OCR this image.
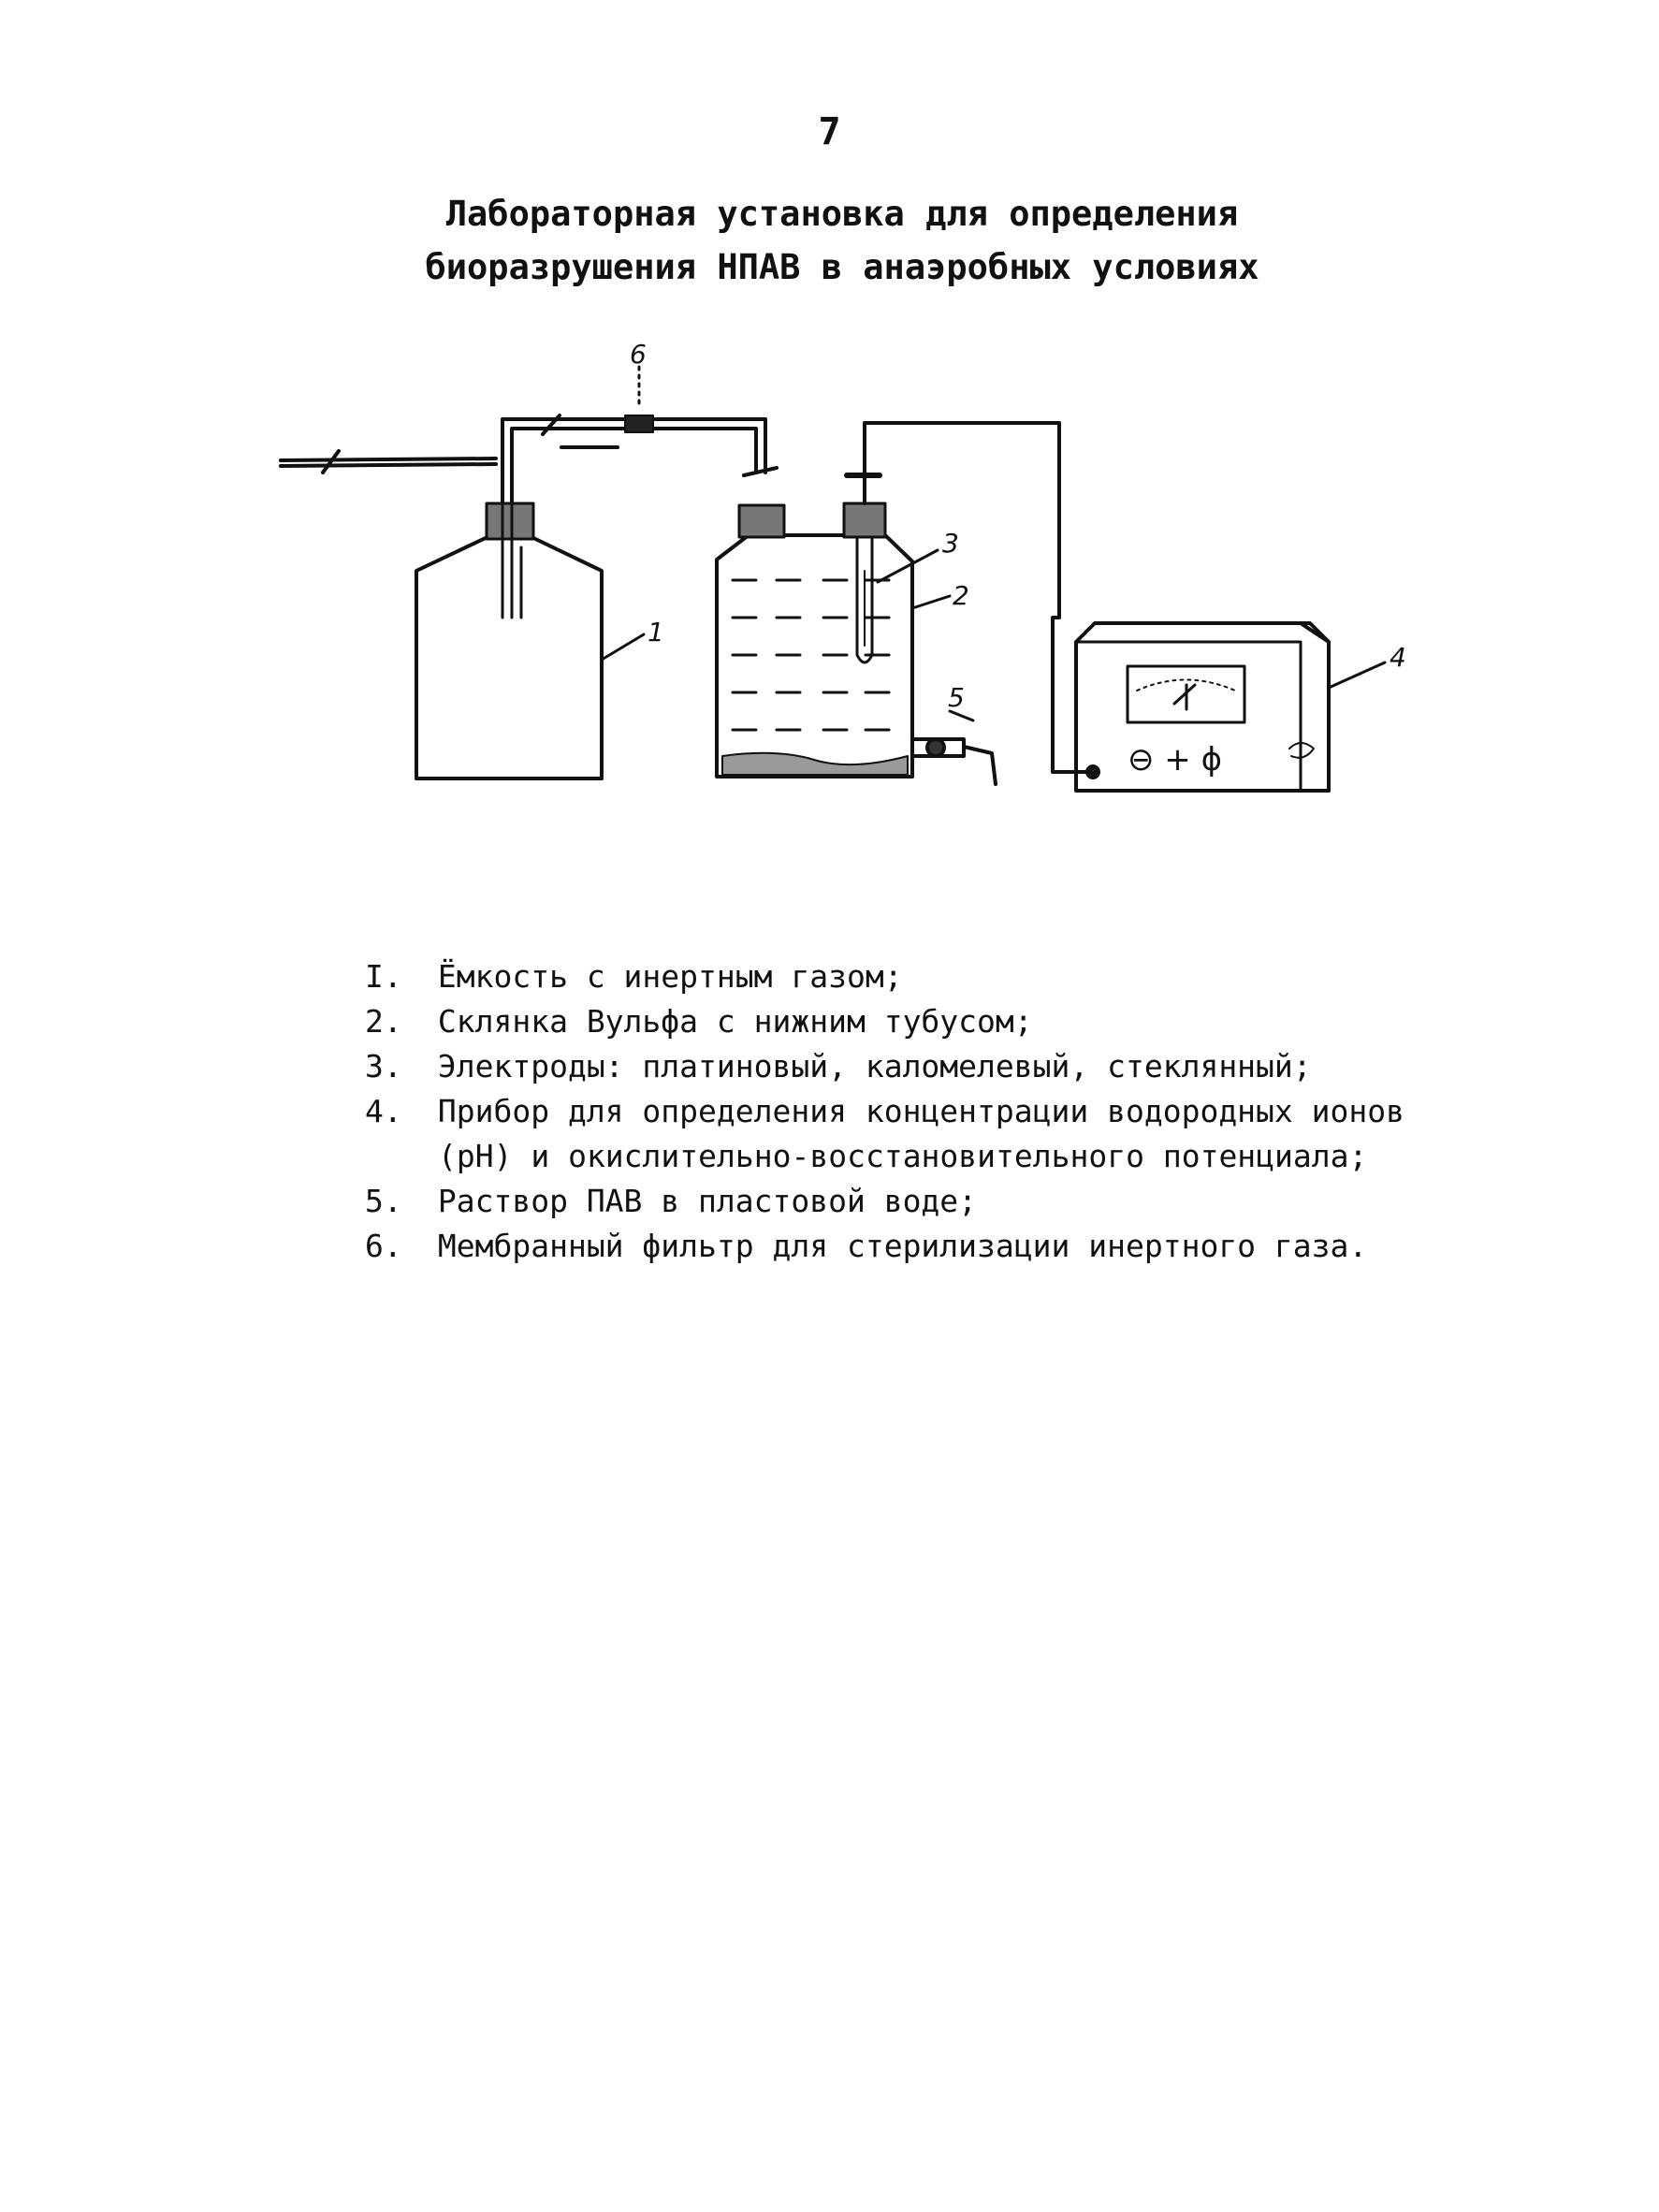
7
Лабораторная установка для определения
биоразрушения НПАВ в анаэробных условиях
⊖ + ɸ
1
2
3
4
5
6
I. Ёмкость с инертным газом;
2. Склянка Вульфа с нижним тубусом;
3. Электроды: платиновый, каломелевый, стеклянный;
4. Прибор для определения концентрации водородных ионов
(рН) и окислительно-восстановительного потенциала;
5. Раствор ПАВ в пластовой воде;
6. Мембранный фильтр для стерилизации инертного газа.
